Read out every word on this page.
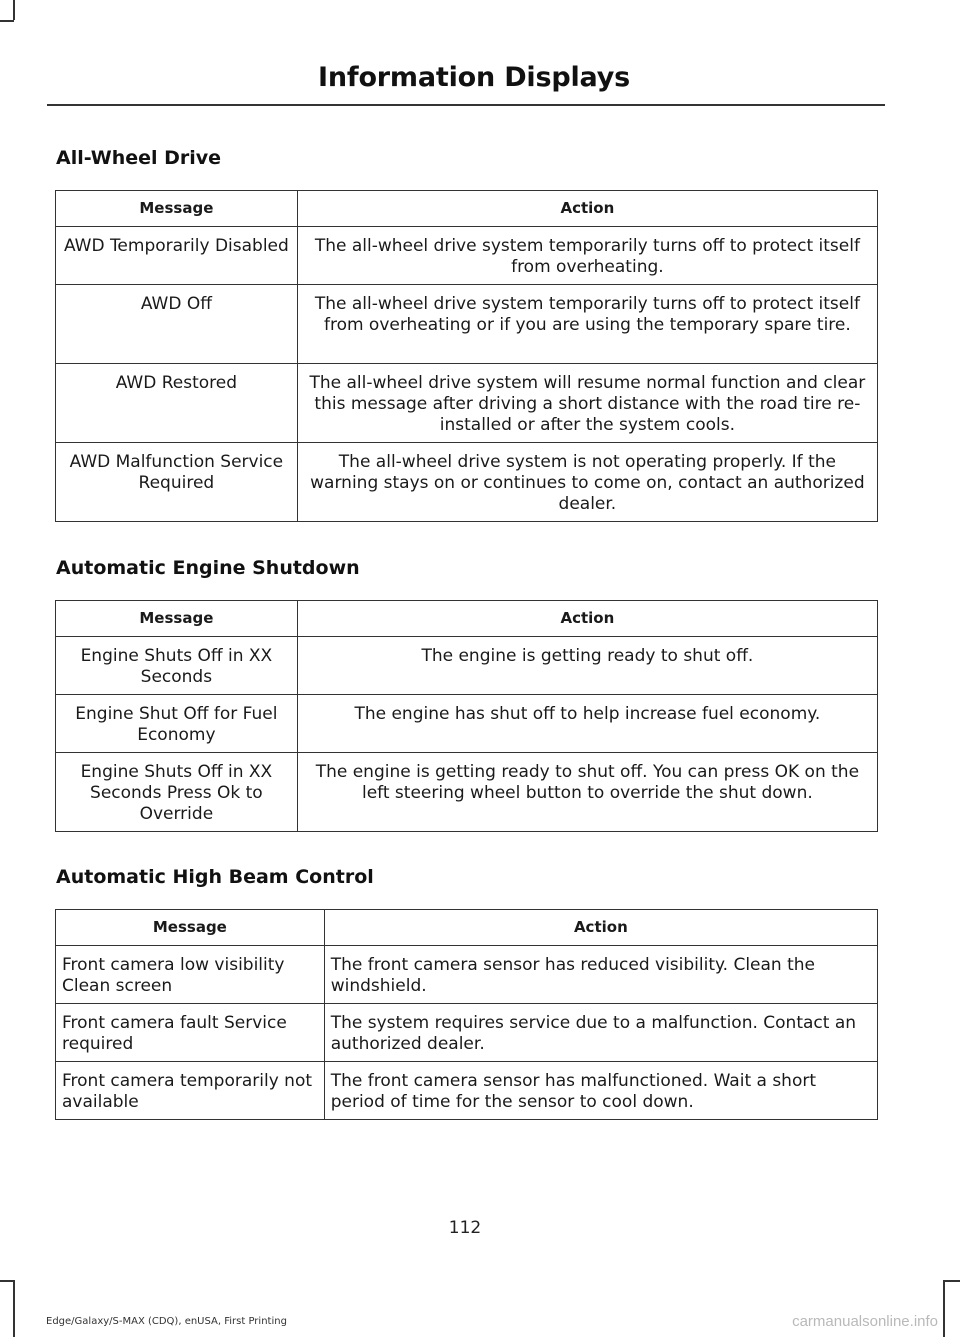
Information Displays
All-Wheel Drive
Message	Action
AWD Temporarily Disabled	The all-wheel drive system temporarily turns off to protect itself from overheating.
AWD Off	The all-wheel drive system temporarily turns off to protect itself from overheating or if you are using the temporary spare tire.
AWD Restored	The all-wheel drive system will resume normal function and clear this message after driving a short distance with the road tire re-installed or after the system cools.
AWD Malfunction Service Required	The all-wheel drive system is not operating properly. If the warning stays on or continues to come on, contact an authorized dealer.
Automatic Engine Shutdown
Message	Action
Engine Shuts Off in XX Seconds	The engine is getting ready to shut off.
Engine Shut Off for Fuel Economy	The engine has shut off to help increase fuel economy.
Engine Shuts Off in XX Seconds Press Ok to Override	The engine is getting ready to shut off. You can press OK on the left steering wheel button to override the shut down.
Automatic High Beam Control
Message	Action
Front camera low visibility Clean screen	The front camera sensor has reduced visibility. Clean the windshield.
Front camera fault Service required	The system requires service due to a malfunction. Contact an authorized dealer.
Front camera temporarily not available	The front camera sensor has malfunctioned. Wait a short period of time for the sensor to cool down.
112
Edge/Galaxy/S-MAX (CDQ), enUSA, First Printing	carmanualsonline.info
